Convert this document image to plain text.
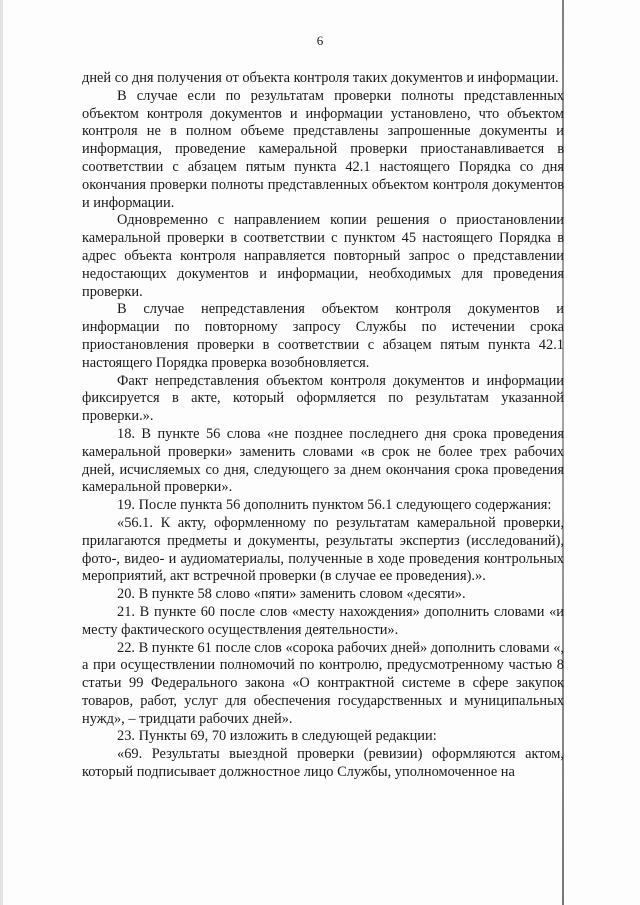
6

дней со дня получения от объекта контроля таких документов и информации.

В случае если по результатам проверки полноты представленных объектом контроля документов и информации установлено, что объектом контроля не в полном объеме представлены запрошенные документы и информация, проведение камеральной проверки приостанавливается в соответствии с абзацем пятым пункта 42.1 настоящего Порядка со дня окончания проверки полноты представленных объектом контроля документов и информации.

Одновременно с направлением копии решения о приостановлении камеральной проверки в соответствии с пунктом 45 настоящего Порядка в адрес объекта контроля направляется повторный запрос о представлении недостающих документов и информации, необходимых для проведения проверки.

В случае непредставления объектом контроля документов и информации по повторному запросу Службы по истечении срока приостановления проверки в соответствии с абзацем пятым пункта 42.1 настоящего Порядка проверка возобновляется.

Факт непредставления объектом контроля документов и информации фиксируется в акте, который оформляется по результатам указанной проверки.».

18. В пункте 56 слова «не позднее последнего дня срока проведения камеральной проверки» заменить словами «в срок не более трех рабочих дней, исчисляемых со дня, следующего за днем окончания срока проведения камеральной проверки».

19. После пункта 56 дополнить пунктом 56.1 следующего содержания:

«56.1. К акту, оформленному по результатам камеральной проверки, прилагаются предметы и документы, результаты экспертиз (исследований), фото-, видео- и аудиоматериалы, полученные в ходе проведения контрольных мероприятий, акт встречной проверки (в случае ее проведения).».

20. В пункте 58 слово «пяти» заменить словом «десяти».

21. В пункте 60 после слов «месту нахождения» дополнить словами «и месту фактического осуществления деятельности».

22. В пункте 61 после слов «сорока рабочих дней» дополнить словами «, а при осуществлении полномочий по контролю, предусмотренному частью 8 статьи 99 Федерального закона «О контрактной системе в сфере закупок товаров, работ, услуг для обеспечения государственных и муниципальных нужд», – тридцати рабочих дней».

23. Пункты 69, 70 изложить в следующей редакции:

«69. Результаты выездной проверки (ревизии) оформляются актом, который подписывает должностное лицо Службы, уполномоченное на
